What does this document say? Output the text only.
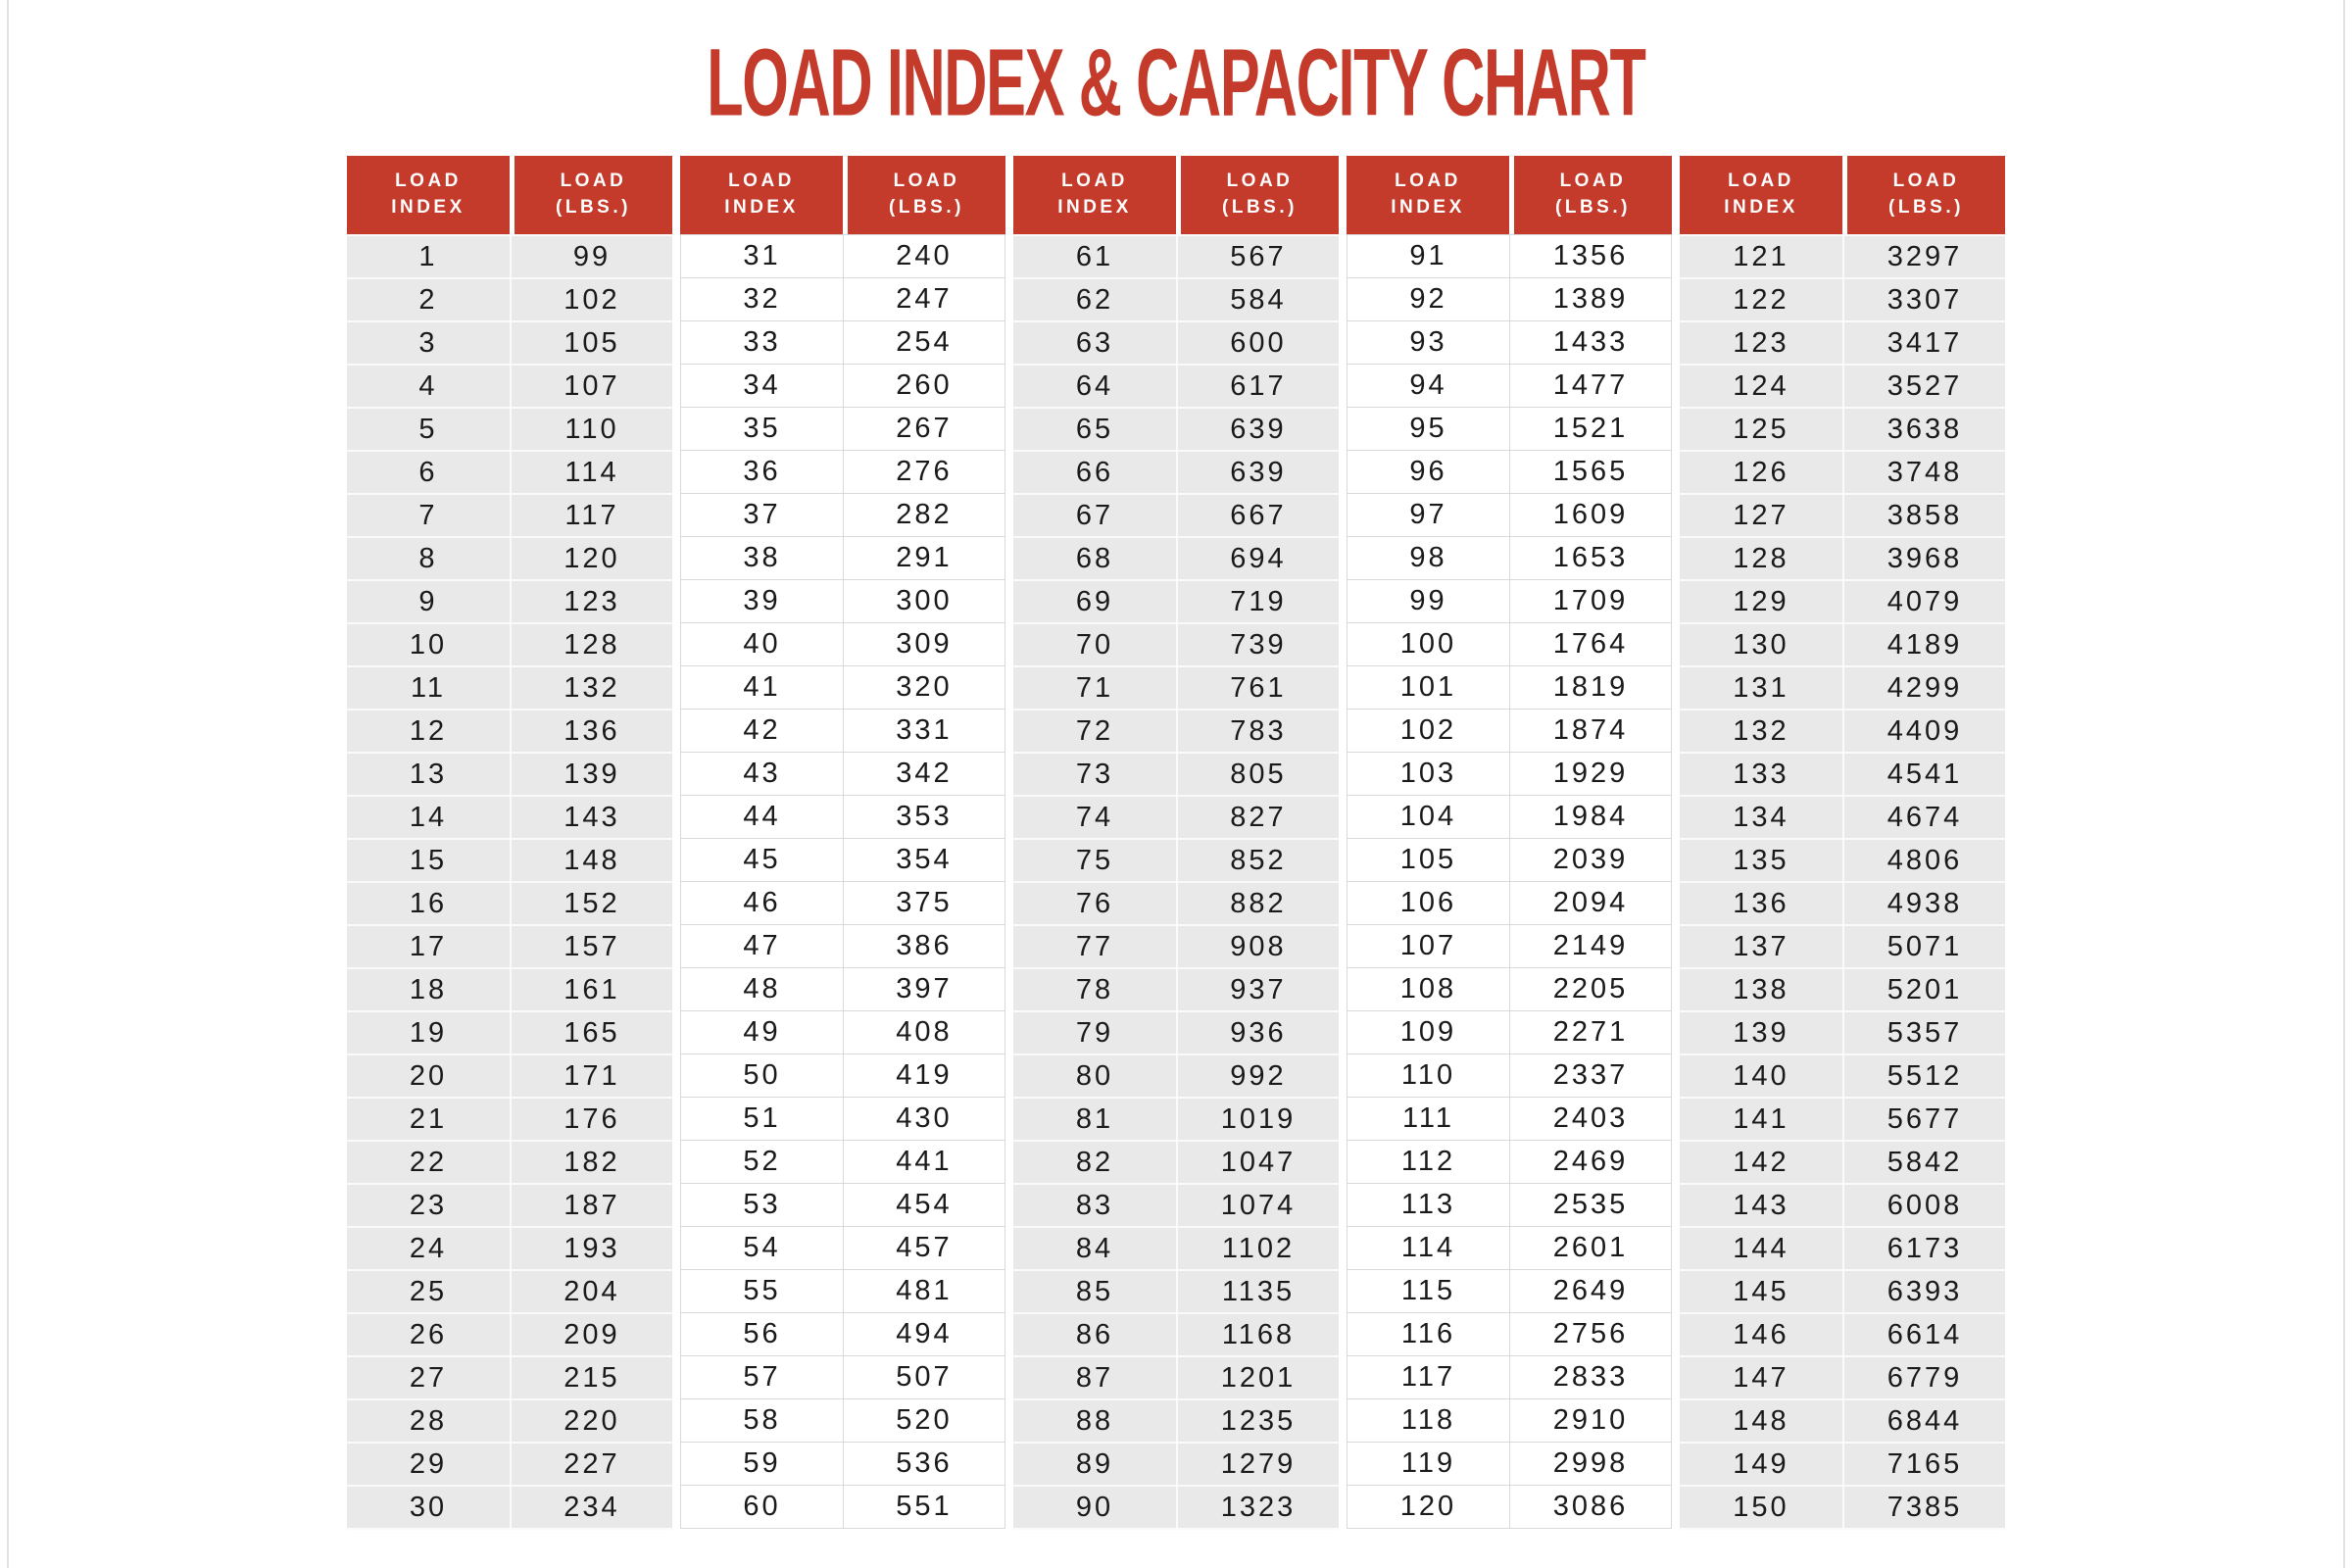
LOAD INDEX & CAPACITY CHART
LOAD
INDEX
LOAD
(LBS.)
1	99
2	102
3	105
4	107
5	110
6	114
7	117
8	120
9	123
10	128
11	132
12	136
13	139
14	143
15	148
16	152
17	157
18	161
19	165
20	171
21	176
22	182
23	187
24	193
25	204
26	209
27	215
28	220
29	227
30	234
LOAD
INDEX
LOAD
(LBS.)
31	240
32	247
33	254
34	260
35	267
36	276
37	282
38	291
39	300
40	309
41	320
42	331
43	342
44	353
45	354
46	375
47	386
48	397
49	408
50	419
51	430
52	441
53	454
54	457
55	481
56	494
57	507
58	520
59	536
60	551
LOAD
INDEX
LOAD
(LBS.)
61	567
62	584
63	600
64	617
65	639
66	639
67	667
68	694
69	719
70	739
71	761
72	783
73	805
74	827
75	852
76	882
77	908
78	937
79	936
80	992
81	1019
82	1047
83	1074
84	1102
85	1135
86	1168
87	1201
88	1235
89	1279
90	1323
LOAD
INDEX
LOAD
(LBS.)
91	1356
92	1389
93	1433
94	1477
95	1521
96	1565
97	1609
98	1653
99	1709
100	1764
101	1819
102	1874
103	1929
104	1984
105	2039
106	2094
107	2149
108	2205
109	2271
110	2337
111	2403
112	2469
113	2535
114	2601
115	2649
116	2756
117	2833
118	2910
119	2998
120	3086
LOAD
INDEX
LOAD
(LBS.)
121	3297
122	3307
123	3417
124	3527
125	3638
126	3748
127	3858
128	3968
129	4079
130	4189
131	4299
132	4409
133	4541
134	4674
135	4806
136	4938
137	5071
138	5201
139	5357
140	5512
141	5677
142	5842
143	6008
144	6173
145	6393
146	6614
147	6779
148	6844
149	7165
150	7385
